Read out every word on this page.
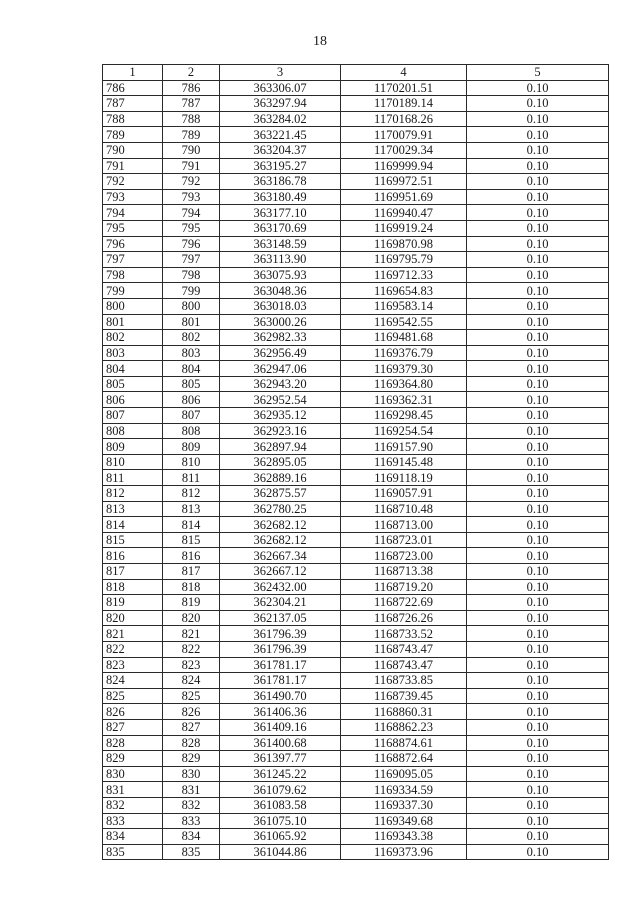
18
1	2	3	4	5
786	786	363306.07	1170201.51	0.10
787	787	363297.94	1170189.14	0.10
788	788	363284.02	1170168.26	0.10
789	789	363221.45	1170079.91	0.10
790	790	363204.37	1170029.34	0.10
791	791	363195.27	1169999.94	0.10
792	792	363186.78	1169972.51	0.10
793	793	363180.49	1169951.69	0.10
794	794	363177.10	1169940.47	0.10
795	795	363170.69	1169919.24	0.10
796	796	363148.59	1169870.98	0.10
797	797	363113.90	1169795.79	0.10
798	798	363075.93	1169712.33	0.10
799	799	363048.36	1169654.83	0.10
800	800	363018.03	1169583.14	0.10
801	801	363000.26	1169542.55	0.10
802	802	362982.33	1169481.68	0.10
803	803	362956.49	1169376.79	0.10
804	804	362947.06	1169379.30	0.10
805	805	362943.20	1169364.80	0.10
806	806	362952.54	1169362.31	0.10
807	807	362935.12	1169298.45	0.10
808	808	362923.16	1169254.54	0.10
809	809	362897.94	1169157.90	0.10
810	810	362895.05	1169145.48	0.10
811	811	362889.16	1169118.19	0.10
812	812	362875.57	1169057.91	0.10
813	813	362780.25	1168710.48	0.10
814	814	362682.12	1168713.00	0.10
815	815	362682.12	1168723.01	0.10
816	816	362667.34	1168723.00	0.10
817	817	362667.12	1168713.38	0.10
818	818	362432.00	1168719.20	0.10
819	819	362304.21	1168722.69	0.10
820	820	362137.05	1168726.26	0.10
821	821	361796.39	1168733.52	0.10
822	822	361796.39	1168743.47	0.10
823	823	361781.17	1168743.47	0.10
824	824	361781.17	1168733.85	0.10
825	825	361490.70	1168739.45	0.10
826	826	361406.36	1168860.31	0.10
827	827	361409.16	1168862.23	0.10
828	828	361400.68	1168874.61	0.10
829	829	361397.77	1168872.64	0.10
830	830	361245.22	1169095.05	0.10
831	831	361079.62	1169334.59	0.10
832	832	361083.58	1169337.30	0.10
833	833	361075.10	1169349.68	0.10
834	834	361065.92	1169343.38	0.10
835	835	361044.86	1169373.96	0.10
